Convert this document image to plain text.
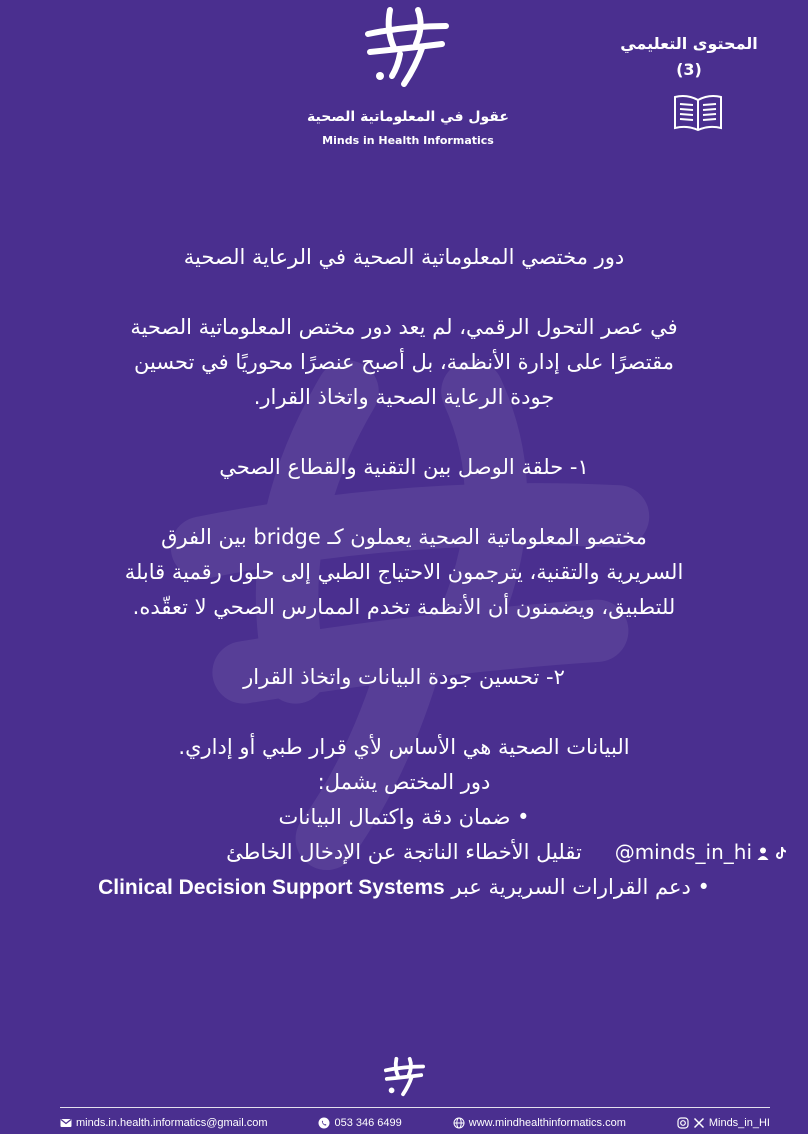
عقول في المعلوماتية الصحية
Minds in Health Informatics
المحتوى التعليمي
(3)

دور مختصي المعلوماتية الصحية في الرعاية الصحية

في عصر التحول الرقمي، لم يعد دور مختص المعلوماتية الصحية

مقتصرًا على إدارة الأنظمة، بل أصبح عنصرًا محوريًا في تحسين

جودة الرعاية الصحية واتخاذ القرار.

١- حلقة الوصل بين التقنية والقطاع الصحي

مختصو المعلوماتية الصحية يعملون كـ bridge بين الفرق

السريرية والتقنية، يترجمون الاحتياج الطبي إلى حلول رقمية قابلة

للتطبيق، ويضمنون أن الأنظمة تخدم الممارس الصحي لا تعقّده.

٢- تحسين جودة البيانات واتخاذ القرار

البيانات الصحية هي الأساس لأي قرار طبي أو إداري.

دور المختص يشمل:

• ضمان دقة واكتمال البيانات

تقليل الأخطاء الناتجة عن الإدخال الخاطئ @minds_in_hi

• دعم القرارات السريرية عبر Clinical Decision Support Systems

minds.in.health.informatics@gmail.com	053 346 6499	www.mindhealthinformatics.com	Minds_in_HI
